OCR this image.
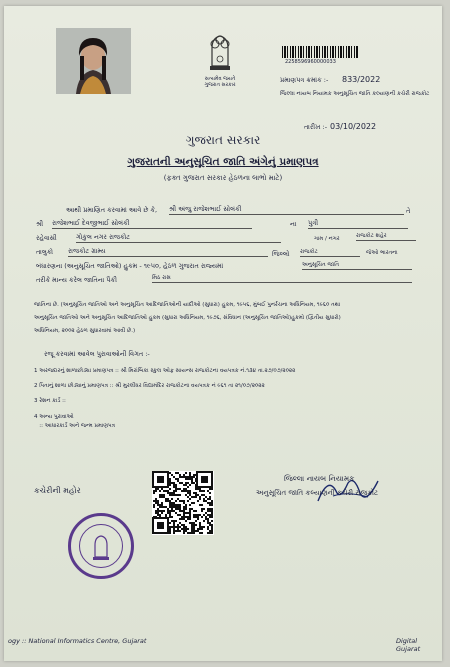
સત્યમેવ જયતે
ગુજરાત સરકાર
2258596960000033
પ્રમાણપત્ર ક્રમાંક :- 833/2022
જિલ્લા નાયબ નિયામક અનુસૂચિત જાતિ કલ્યાણની કચેરી રાજકોટ
તારીખ :- 03/10/2022
ગુજરાત સરકાર
ગુજરાતની અનુસૂચિત જાતિ અંગેનું પ્રમાણપત્ર
(ફક્ત ગુજરાત સરકાર હેઠળના લાભો માટે)
આથી પ્રમાણિત કરવામાં આવે છે કે, શ્રી અંજુ રાજેશભાઈ સોલંકી	તે
શ્રી રાજેશભાઈ દેવજીભાઈ સોલંકી	ના પુત્રી
રહેવાસી	ગોકુલ નગર રાજકોટ	ગામ / નગર	રાજકોટ શહેર
તાલુકો રાજકોટ ગ્રામ્ય	જિલ્લો રાજકોટ	જેઓ ભારતના
બંધારણના (અનુસૂચિત જાતિઓ) હુકમ - ૧૯૫૦, હેઠળ ગુજરાત રાજ્યમાં	અનુસૂચિત જાતિ
તરીકે માન્ય કરેલ જાતિના પૈકી	મિઠ રાસ
જાતિના છે. (અનુસૂચિત જાતિઓ અને અનુસૂચિત આદિજાતિઓની યાદીઓ (સુધારા) હુકમ, ૧૯૫૬, મુંબઈ પુનર્રચના અધિનિયમ, ૧૯૬૦ તથા
અનુસૂચિત જાતિઓ અને અનુસૂચિત આદિજાતિઓ હુકમ (સુધારા અધિનિયમ, ૧૯૭૬, સંવિધાન (અનુસૂચિત જાતિઓ)હુકમો (દ્વિતીય સુધારો)
અધિનિયમ, ૨૦૦૨ હેઠળ સુધારવામાં આવી છે.)
રજૂ કરવામાં આવેલ પુરાવાઓની વિગત :-
1 અરજદારનું શાળાછોડ્યા પ્રમાણપત્ર :: શ્રી મિરાંબિકા સ્કુલ ઓફ સાયન્સ રાજકોટના વયપત્રક નં.૧૩૪ તા.૨૭/૦૭/૨૦૨૨
2 પિતાનું શાળા છોડ્યાનું પ્રમાણપત્ર :: શ્રી મુરલીધર વિદ્યામંદિર રાજકોટના વયપત્રક નં ૯૬૧ તા ૨૧/૦૭/૨૦૨૨
3 રેશન કાર્ડ ::
4 અન્ય પુરાવાઓ
:: આધારકાર્ડ અને જન્મ પ્રમાણપત્ર
કચેરીની મહોર
જિલ્લા નાયબ નિયામક
અનુસૂચિત જાતિ કલ્યાણની કચેરી રાજકોટ
ogy :: National Informatics Centre, Gujarat	Digital Gujarat
